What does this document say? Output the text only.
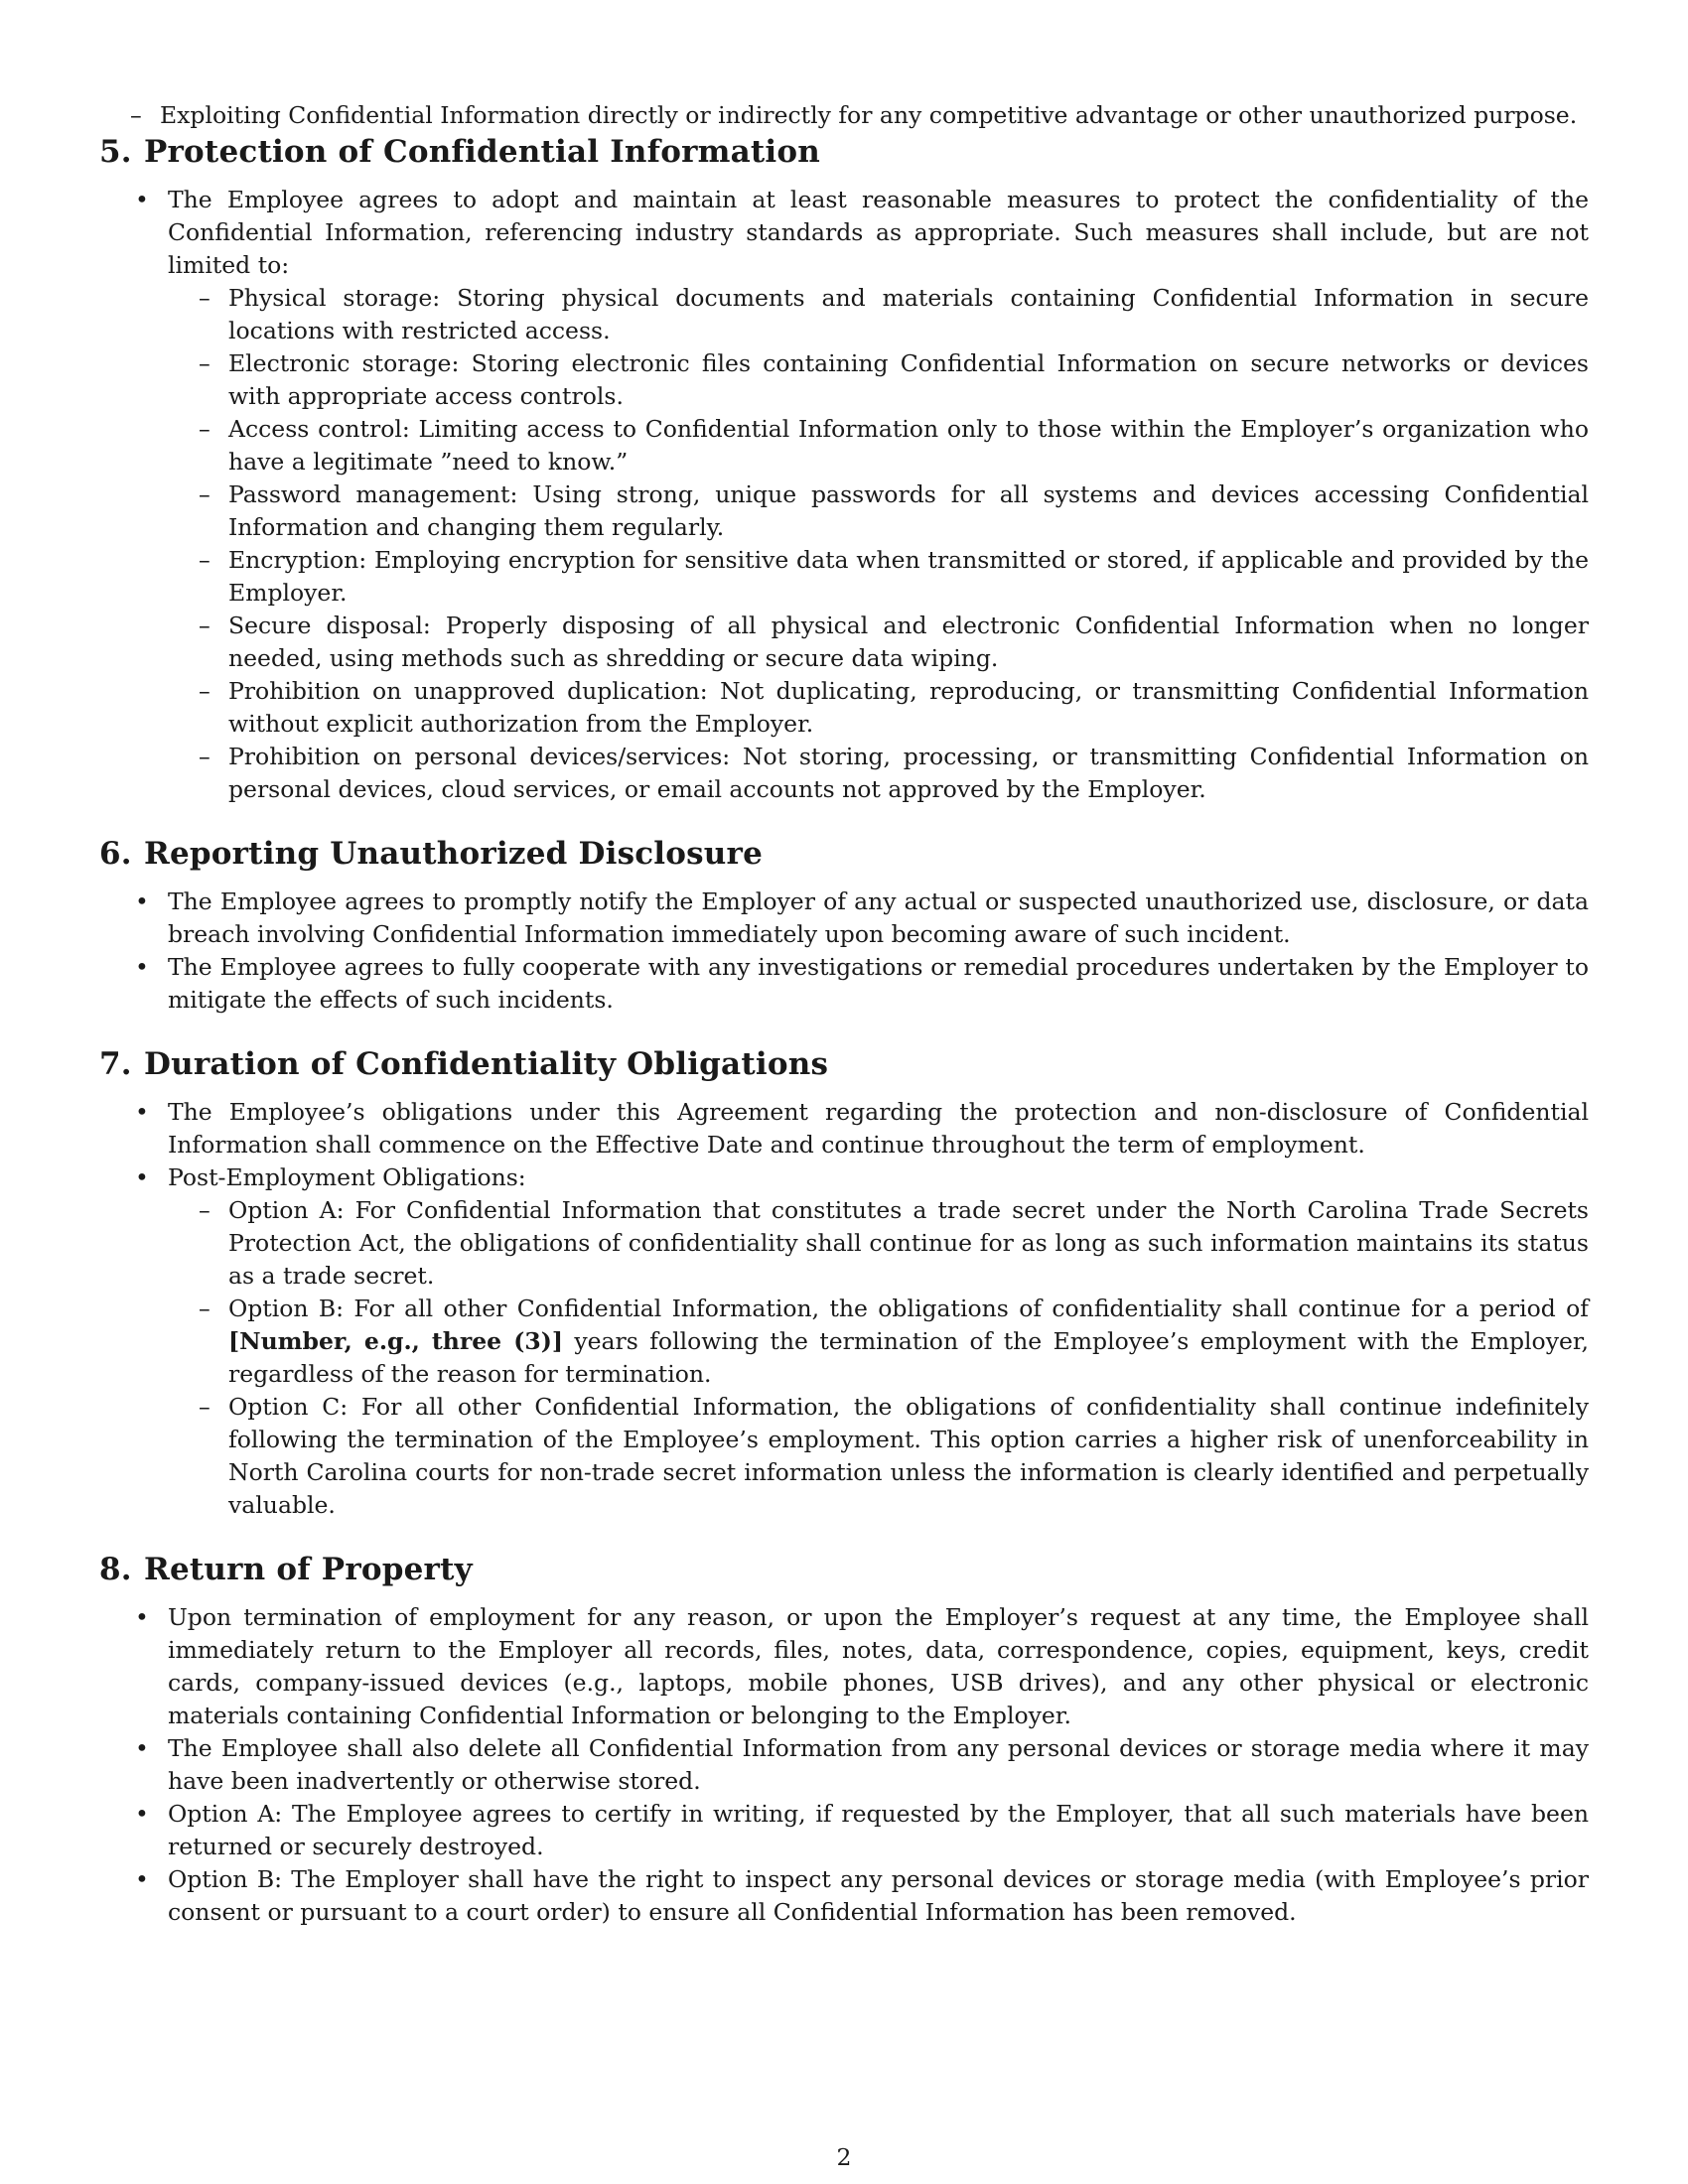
– Exploiting Confidential Information directly or indirectly for any competitive advantage or other unauthorized purpose.
5. Protection of Confidential Information
• The Employee agrees to adopt and maintain at least reasonable measures to protect the confidentiality of the Confidential Information, referencing industry standards as appropriate. Such measures shall include, but are not limited to:
– Physical storage: Storing physical documents and materials containing Confidential Information in secure locations with restricted access.
– Electronic storage: Storing electronic files containing Confidential Information on secure networks or devices with appropriate access controls.
– Access control: Limiting access to Confidential Information only to those within the Employer’s organization who have a legitimate ”need to know.”
– Password management: Using strong, unique passwords for all systems and devices accessing Confidential Information and changing them regularly.
– Encryption: Employing encryption for sensitive data when transmitted or stored, if applicable and provided by the Employer.
– Secure disposal: Properly disposing of all physical and electronic Confidential Information when no longer needed, using methods such as shredding or secure data wiping.
– Prohibition on unapproved duplication: Not duplicating, reproducing, or transmitting Confidential Information without explicit authorization from the Employer.
– Prohibition on personal devices/services: Not storing, processing, or transmitting Confidential Information on personal devices, cloud services, or email accounts not approved by the Employer.
6. Reporting Unauthorized Disclosure
• The Employee agrees to promptly notify the Employer of any actual or suspected unauthorized use, disclosure, or data breach involving Confidential Information immediately upon becoming aware of such incident.
• The Employee agrees to fully cooperate with any investigations or remedial procedures undertaken by the Employer to mitigate the effects of such incidents.
7. Duration of Confidentiality Obligations
• The Employee’s obligations under this Agreement regarding the protection and non-disclosure of Confidential Information shall commence on the Effective Date and continue throughout the term of employment.
• Post-Employment Obligations:
– Option A: For Confidential Information that constitutes a trade secret under the North Carolina Trade Secrets Protection Act, the obligations of confidentiality shall continue for as long as such information maintains its status as a trade secret.
– Option B: For all other Confidential Information, the obligations of confidentiality shall continue for a period of [Number, e.g., three (3)] years following the termination of the Employee’s employment with the Employer, regardless of the reason for termination.
– Option C: For all other Confidential Information, the obligations of confidentiality shall continue indefinitely following the termination of the Employee’s employment. This option carries a higher risk of unenforceability in North Carolina courts for non-trade secret information unless the information is clearly identified and perpetually valuable.
8. Return of Property
• Upon termination of employment for any reason, or upon the Employer’s request at any time, the Employee shall immediately return to the Employer all records, files, notes, data, correspondence, copies, equipment, keys, credit cards, company-issued devices (e.g., laptops, mobile phones, USB drives), and any other physical or electronic materials containing Confidential Information or belonging to the Employer.
• The Employee shall also delete all Confidential Information from any personal devices or storage media where it may have been inadvertently or otherwise stored.
• Option A: The Employee agrees to certify in writing, if requested by the Employer, that all such materials have been returned or securely destroyed.
• Option B: The Employer shall have the right to inspect any personal devices or storage media (with Employee’s prior consent or pursuant to a court order) to ensure all Confidential Information has been removed.
2
